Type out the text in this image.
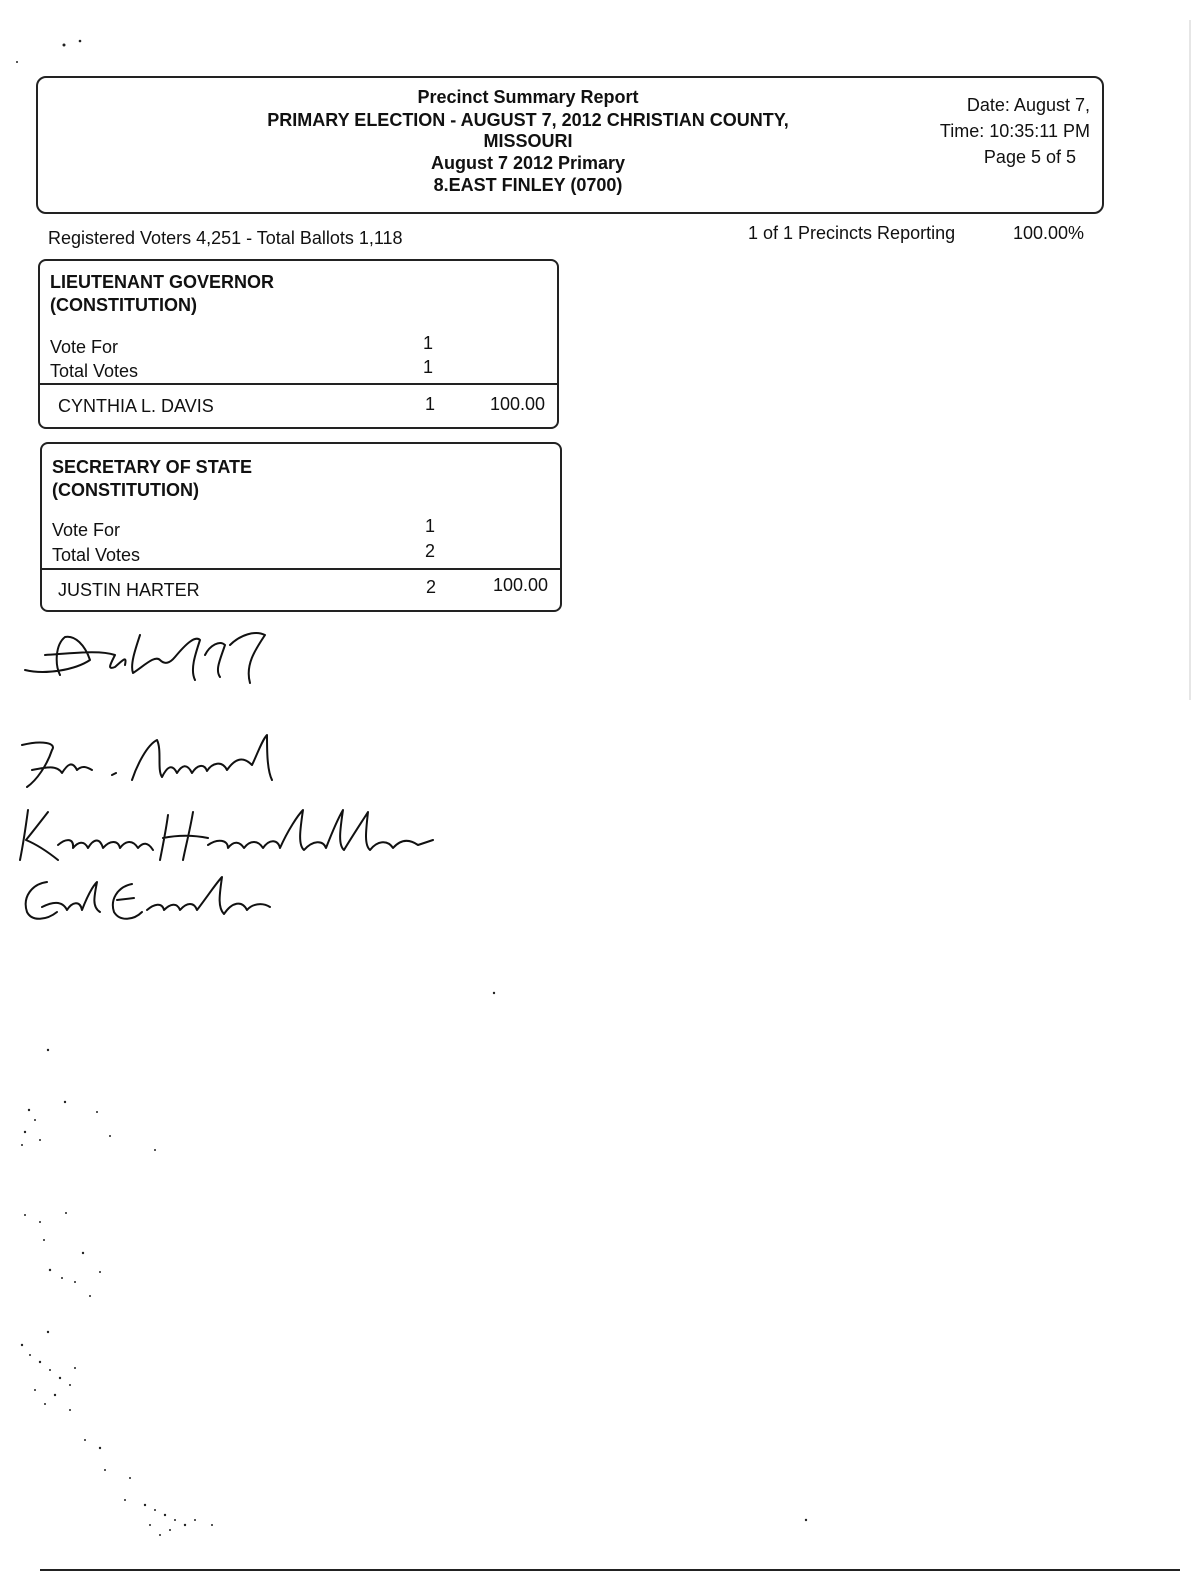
Precinct Summary Report
PRIMARY ELECTION - AUGUST 7, 2012 CHRISTIAN COUNTY,
MISSOURI
August 7 2012 Primary
8.EAST FINLEY (0700)
Date: August 7,
Time: 10:35:11 PM
Page 5 of 5
Registered Voters 4,251 - Total Ballots 1,118	1 of 1 Precincts Reporting	100.00%
LIEUTENANT GOVERNOR
(CONSTITUTION)
Vote For	1
Total Votes	1
CYNTHIA L. DAVIS	1	100.00
SECRETARY OF STATE
(CONSTITUTION)
Vote For	1
Total Votes	2
JUSTIN HARTER	2	100.00
